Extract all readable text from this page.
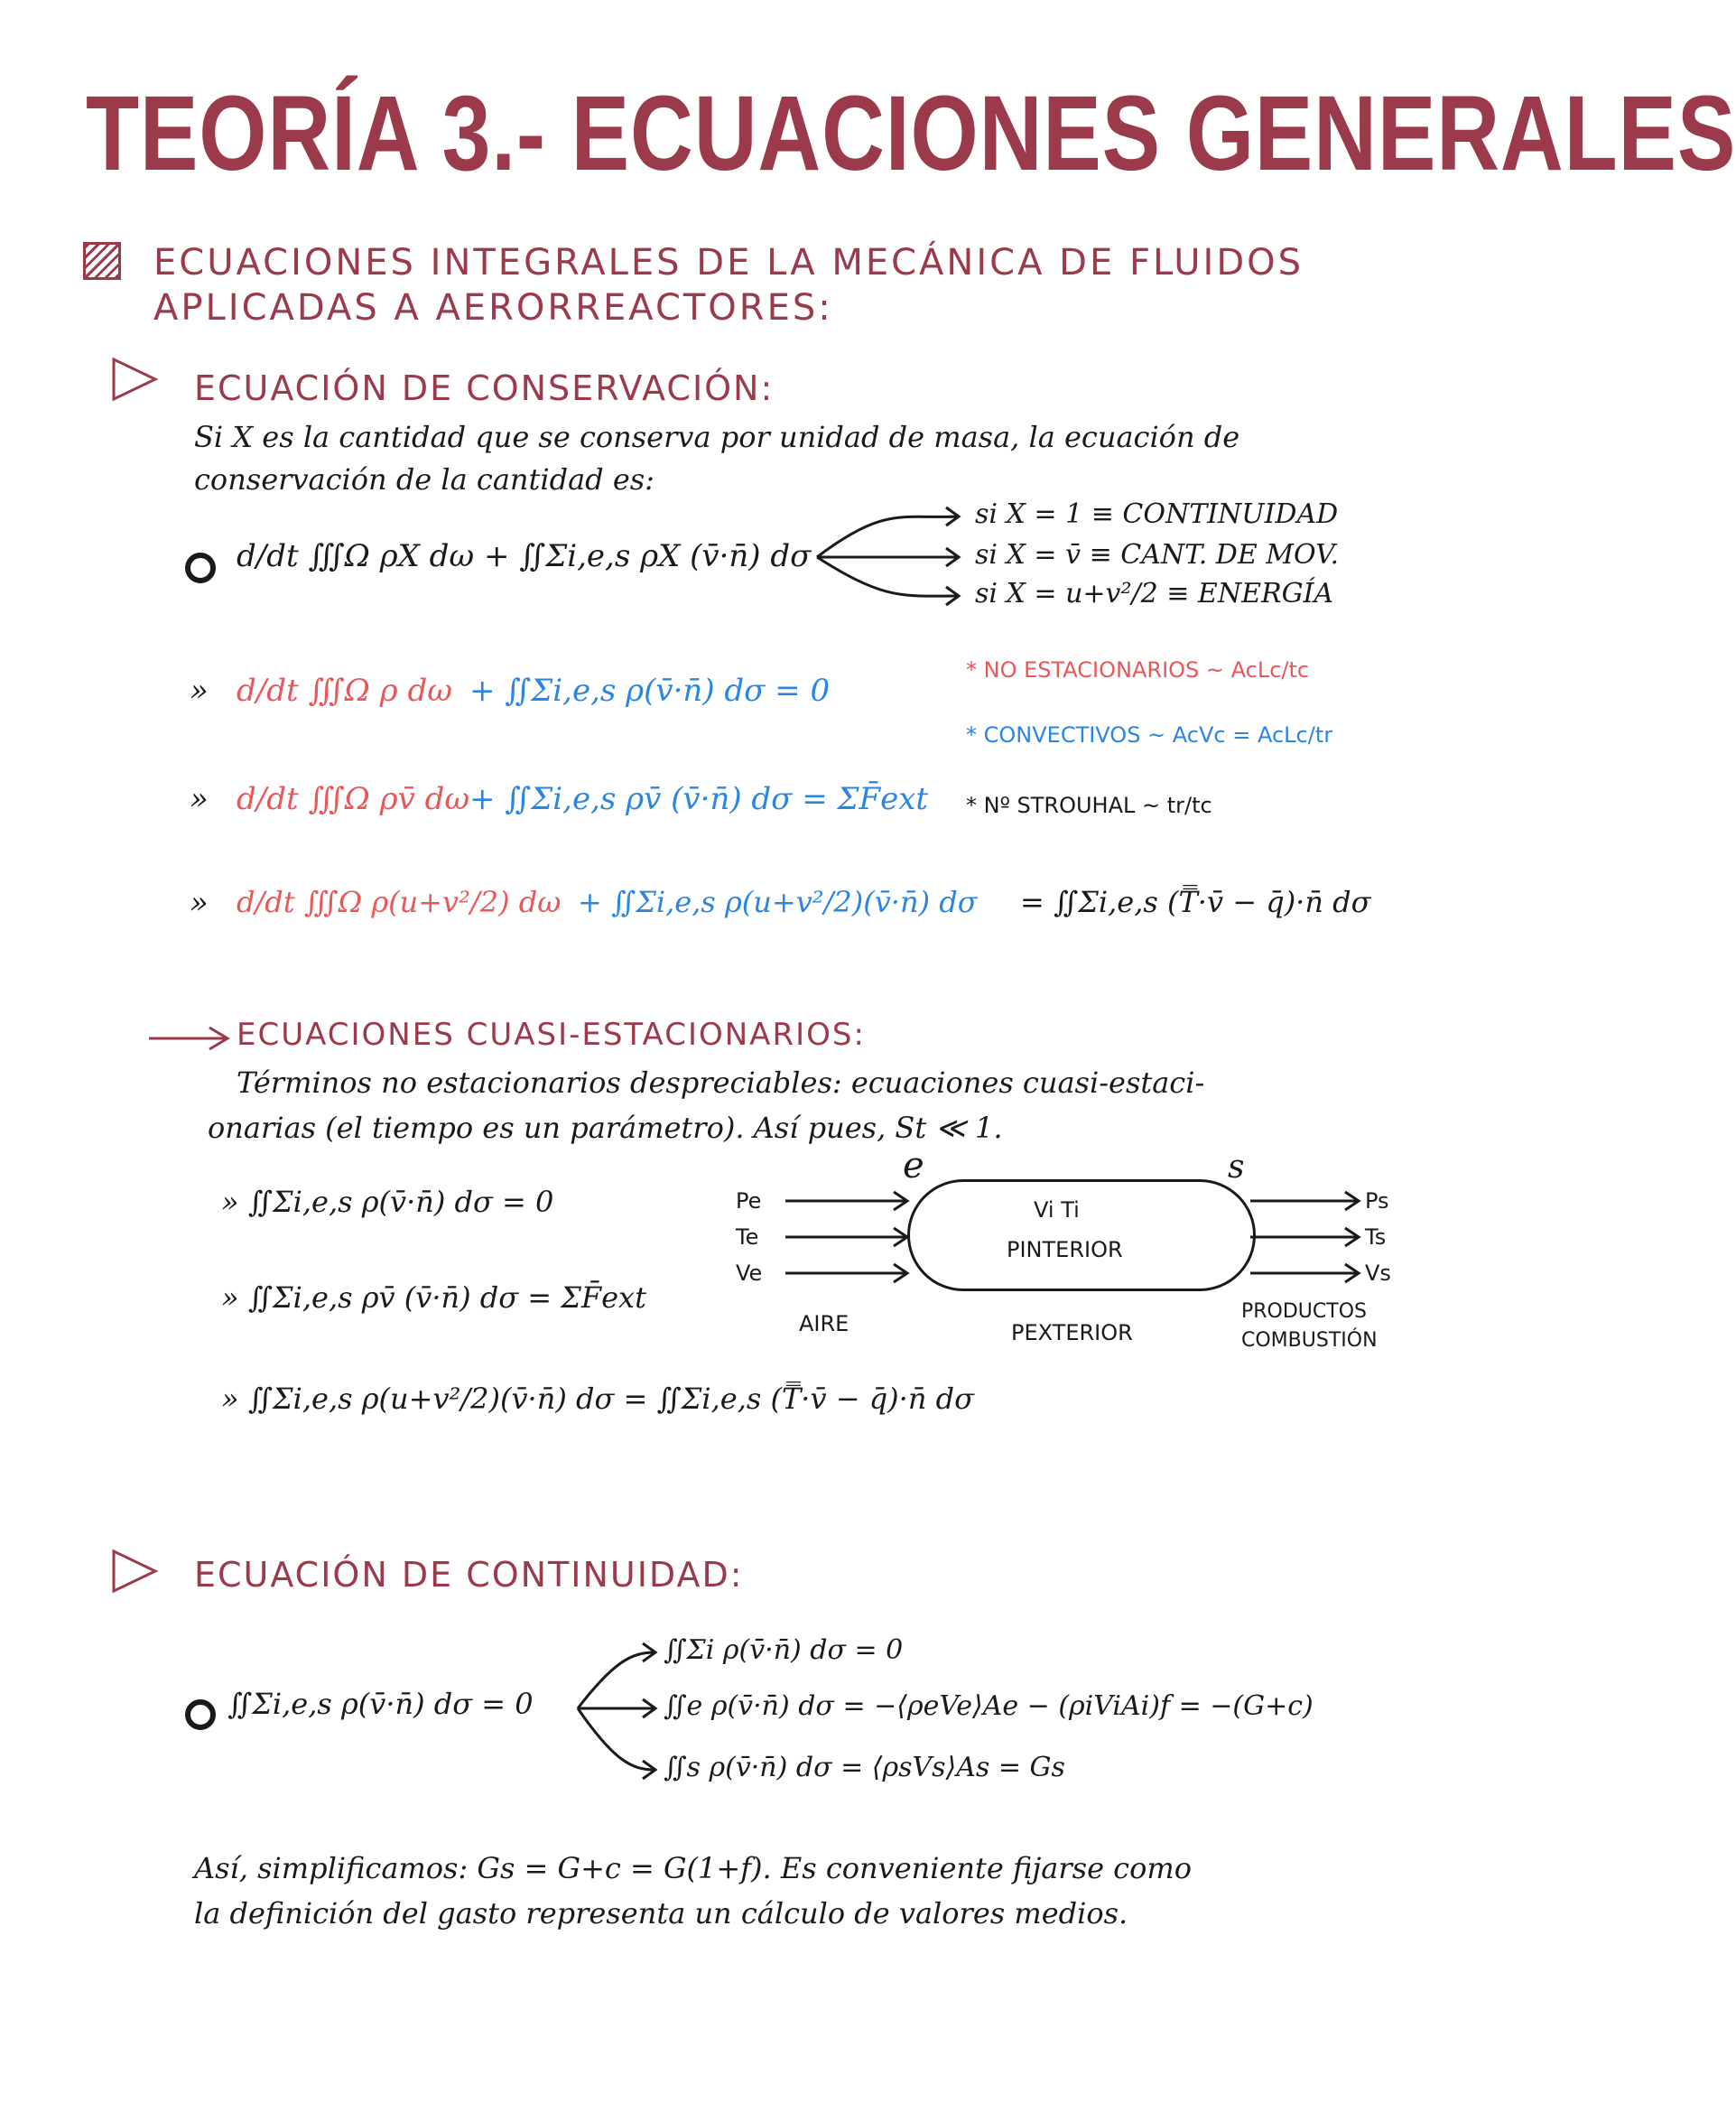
TEORÍA 3.- ECUACIONES GENERALES
ECUACIONES INTEGRALES DE LA MECÁNICA DE FLUIDOS
APLICADAS A AERORREACTORES:
ECUACIÓN DE CONSERVACIÓN:
Si X es la cantidad que se conserva por unidad de masa, la ecuación de
conservación de la cantidad es:
d/dt ∭Ω ρX dω + ∬Σi,e,s ρX (v̄·n̄) dσ
si X = 1 ≡ CONTINUIDAD
si X = v̄ ≡ CANT. DE MOV.
si X = u+v²/2 ≡ ENERGÍA
» d/dt ∭Ω ρ dω + ∬Σi,e,s ρ(v̄·n̄) dσ = 0
» d/dt ∭Ω ρv̄ dω + ∬Σi,e,s ρv̄ (v̄·n̄) dσ = ΣF̄ext
» d/dt ∭Ω ρ(u+v²/2) dω + ∬Σi,e,s ρ(u+v²/2)(v̄·n̄) dσ = ∬Σi,e,s (T̿·v̄ − q̄)·n̄ dσ
* NO ESTACIONARIOS ~ AcLc/tc
* CONVECTIVOS ~ AcVc = AcLc/tr
* Nº STROUHAL ~ tr/tc
ECUACIONES CUASI-ESTACIONARIOS:
Términos no estacionarios despreciables: ecuaciones cuasi-estaci-
onarias (el tiempo es un parámetro). Así pues, St ≪ 1.
» ∬Σi,e,s ρ(v̄·n̄) dσ = 0
» ∬Σi,e,s ρv̄ (v̄·n̄) dσ = ΣF̄ext
» ∬Σi,e,s ρ(u+v²/2)(v̄·n̄) dσ = ∬Σi,e,s (T̿·v̄ − q̄)·n̄ dσ
e	s
Pe
Te
Ve
Vi Ti
PINTERIOR
Ps
Ts
Vs
AIRE	PEXTERIOR
PRODUCTOS
COMBUSTIÓN
ECUACIÓN DE CONTINUIDAD:
∬Σi,e,s ρ(v̄·n̄) dσ = 0
∬Σi ρ(v̄·n̄) dσ = 0
∬e ρ(v̄·n̄) dσ = −⟨ρeVe⟩Ae − (ρiViAi)f = −(G+c)
∬s ρ(v̄·n̄) dσ = ⟨ρsVs⟩As = Gs
Así, simplificamos: Gs = G+c = G(1+f). Es conveniente fijarse como
la definición del gasto representa un cálculo de valores medios.
